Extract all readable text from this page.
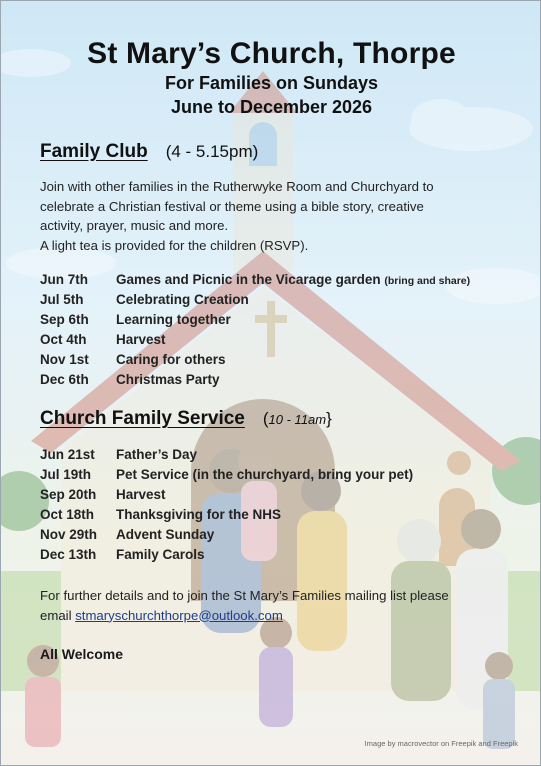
St Mary’s Church, Thorpe
For Families on Sundays
June to December 2026
Family Club (4 - 5.15pm)
Join with other families in the Rutherwyke Room and Churchyard to
celebrate a Christian festival or theme using a bible story, creative
activity, prayer, music and more.
A light tea is provided for the children (RSVP).
Jun 7th Games and Picnic in the Vicarage garden (bring and share)
Jul 5th Celebrating Creation
Sep 6th Learning together
Oct 4th Harvest
Nov 1st Caring for others
Dec 6th Christmas Party
Church Family Service (10 - 11am}
Jun 21st Father’s Day
Jul 19th Pet Service (in the churchyard, bring your pet)
Sep 20th Harvest
Oct 18th Thanksgiving for the NHS
Nov 29th Advent Sunday
Dec 13th Family Carols
For further details and to join the St Mary’s Families mailing list please
email stmaryschurchthorpe@outlook.com
All Welcome
Image by macrovector on Freepik and Freepik
